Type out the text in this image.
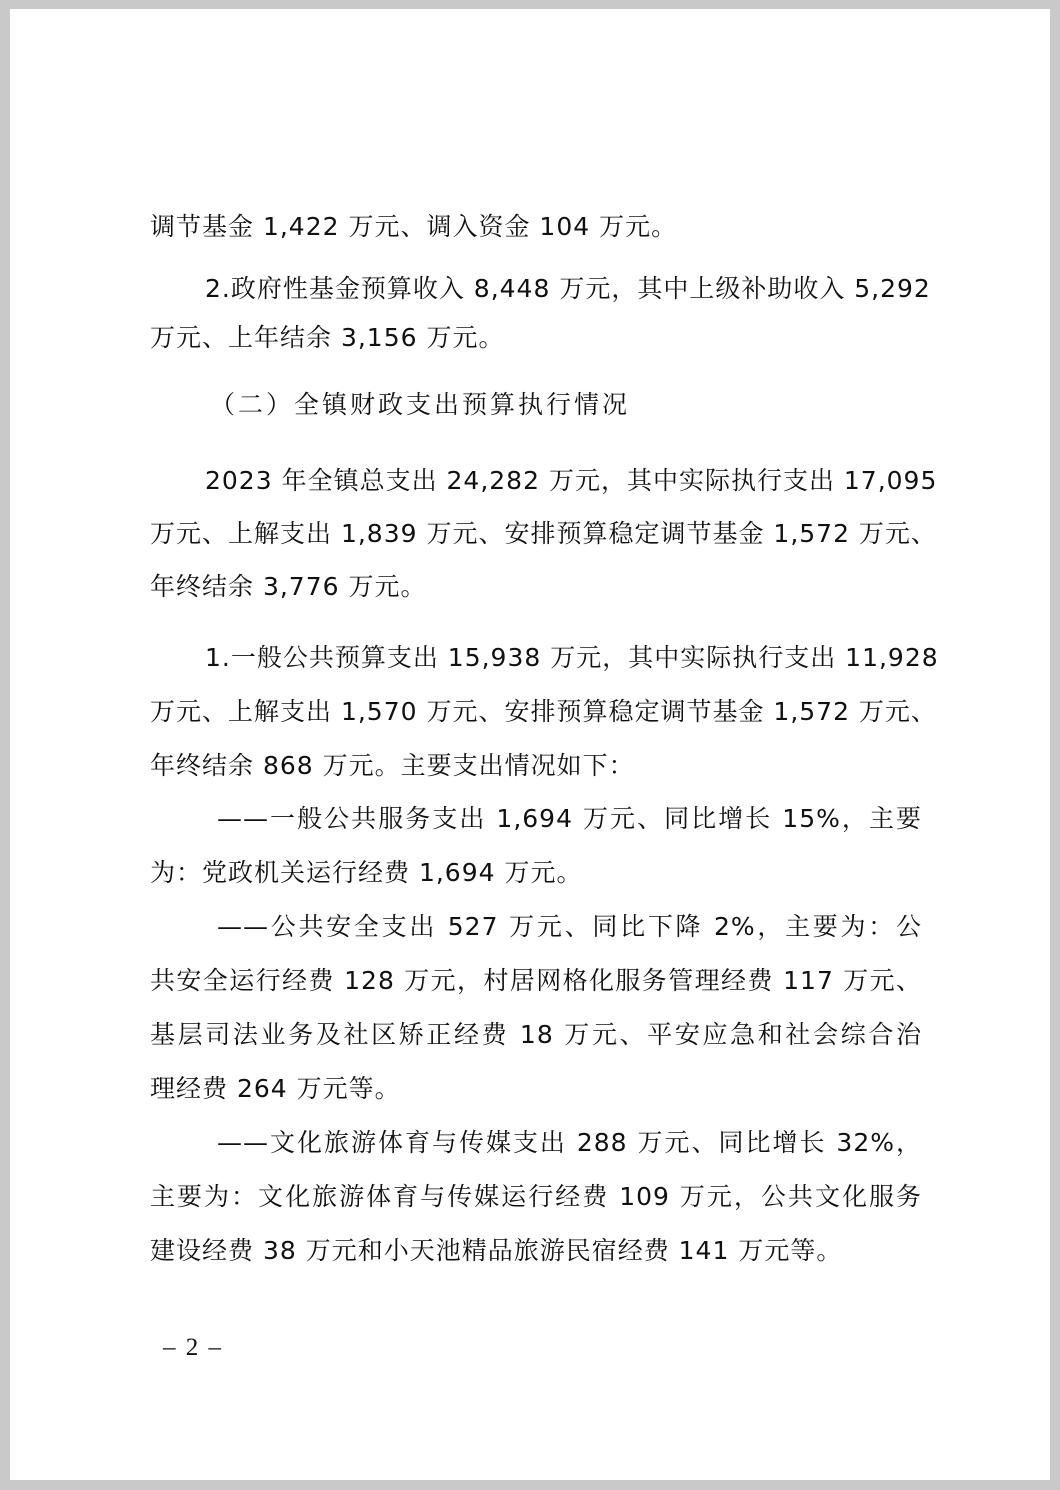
调节基金 1,422 万元、调入资金 104 万元。

2.政府性基金预算收入 8,448 万元，其中上级补助收入 5,292

万元、上年结余 3,156 万元。

（二）全镇财政支出预算执行情况

2023 年全镇总支出 24,282 万元，其中实际执行支出 17,095

万元、上解支出 1,839 万元、安排预算稳定调节基金 1,572 万元、

年终结余 3,776 万元。

1.一般公共预算支出 15,938 万元，其中实际执行支出 11,928

万元、上解支出 1,570 万元、安排预算稳定调节基金 1,572 万元、

年终结余 868 万元。主要支出情况如下：

——一般公共服务支出 1,694 万元、同比增长 15%，主要

为：党政机关运行经费 1,694 万元。

——公共安全支出 527 万元、同比下降 2%，主要为：公

共安全运行经费 128 万元，村居网格化服务管理经费 117 万元、

基层司法业务及社区矫正经费 18 万元、平安应急和社会综合治

理经费 264 万元等。

——文化旅游体育与传媒支出 288 万元、同比增长 32%，

主要为：文化旅游体育与传媒运行经费 109 万元，公共文化服务

建设经费 38 万元和小天池精品旅游民宿经费 141 万元等。

– 2 –
